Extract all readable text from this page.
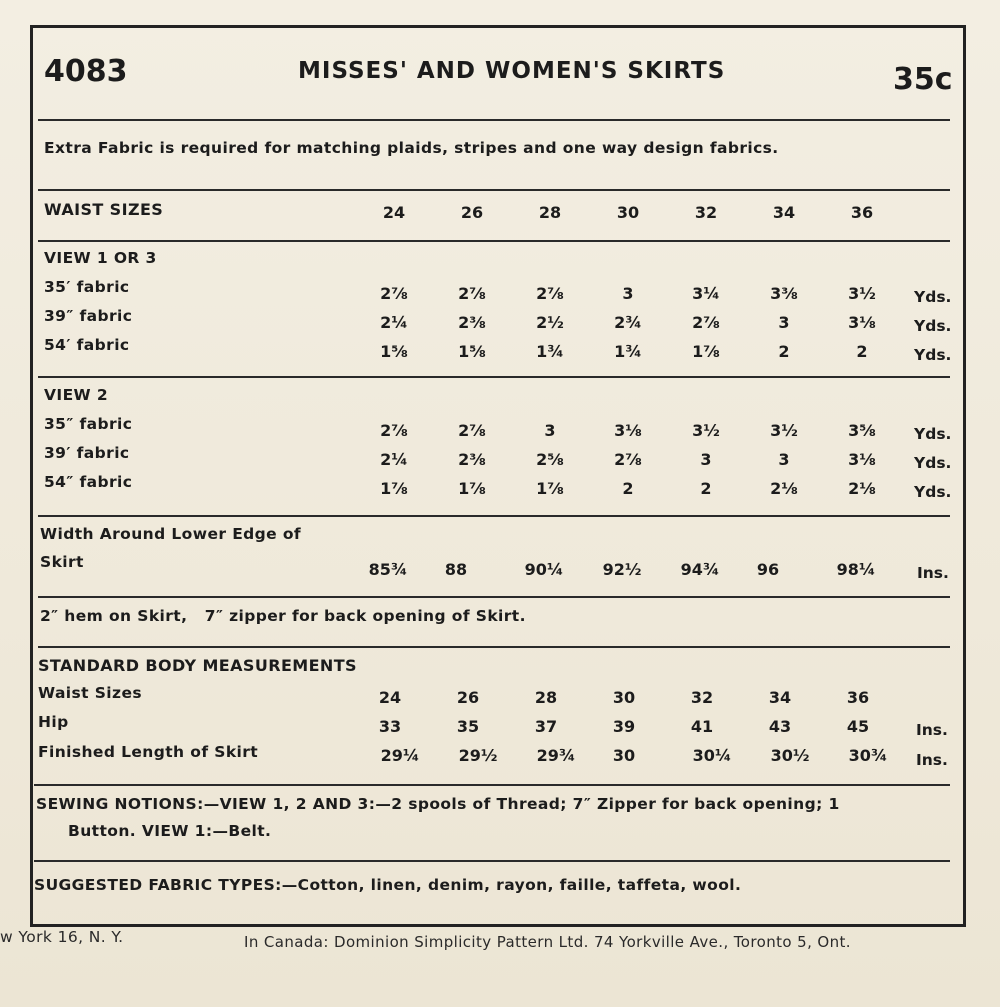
4083	MISSES' AND WOMEN'S SKIRTS	35c
Extra Fabric is required for matching plaids, stripes and one way design fabrics.
WAIST SIZES	24	26	28	30	32	34	36
VIEW 1 OR 3
35′ fabric	2⅞	2⅞	2⅞	3	3¼	3⅜	3½	Yds.
39″ fabric	2¼	2⅜	2½	2¾	2⅞	3	3⅛	Yds.
54′ fabric	1⅝	1⅝	1¾	1¾	1⅞	2	2	Yds.
VIEW 2
35″ fabric	2⅞	2⅞	3	3⅛	3½	3½	3⅝	Yds.
39′ fabric	2¼	2⅜	2⅝	2⅞	3	3	3⅛	Yds.
54″ fabric	1⅞	1⅞	1⅞	2	2	2⅛	2⅛	Yds.
Width Around Lower Edge of
Skirt	85¾	88	90¼	92½	94¾	96	98¼	Ins.
2″ hem on Skirt,   7″ zipper for back opening of Skirt.
STANDARD BODY MEASUREMENTS
Waist Sizes	24	26	28	30	32	34	36
Hip	33	35	37	39	41	43	45	Ins.
Finished Length of Skirt	29¼	29½	29¾	30	30¼	30½	30¾	Ins.
SEWING NOTIONS:—VIEW 1, 2 AND 3:—2 spools of Thread; 7″ Zipper for back opening; 1
Button. VIEW 1:—Belt.
SUGGESTED FABRIC TYPES:—Cotton, linen, denim, rayon, faille, taffeta, wool.
w York 16, N. Y.	In Canada: Dominion Simplicity Pattern Ltd. 74 Yorkville Ave., Toronto 5, Ont.
